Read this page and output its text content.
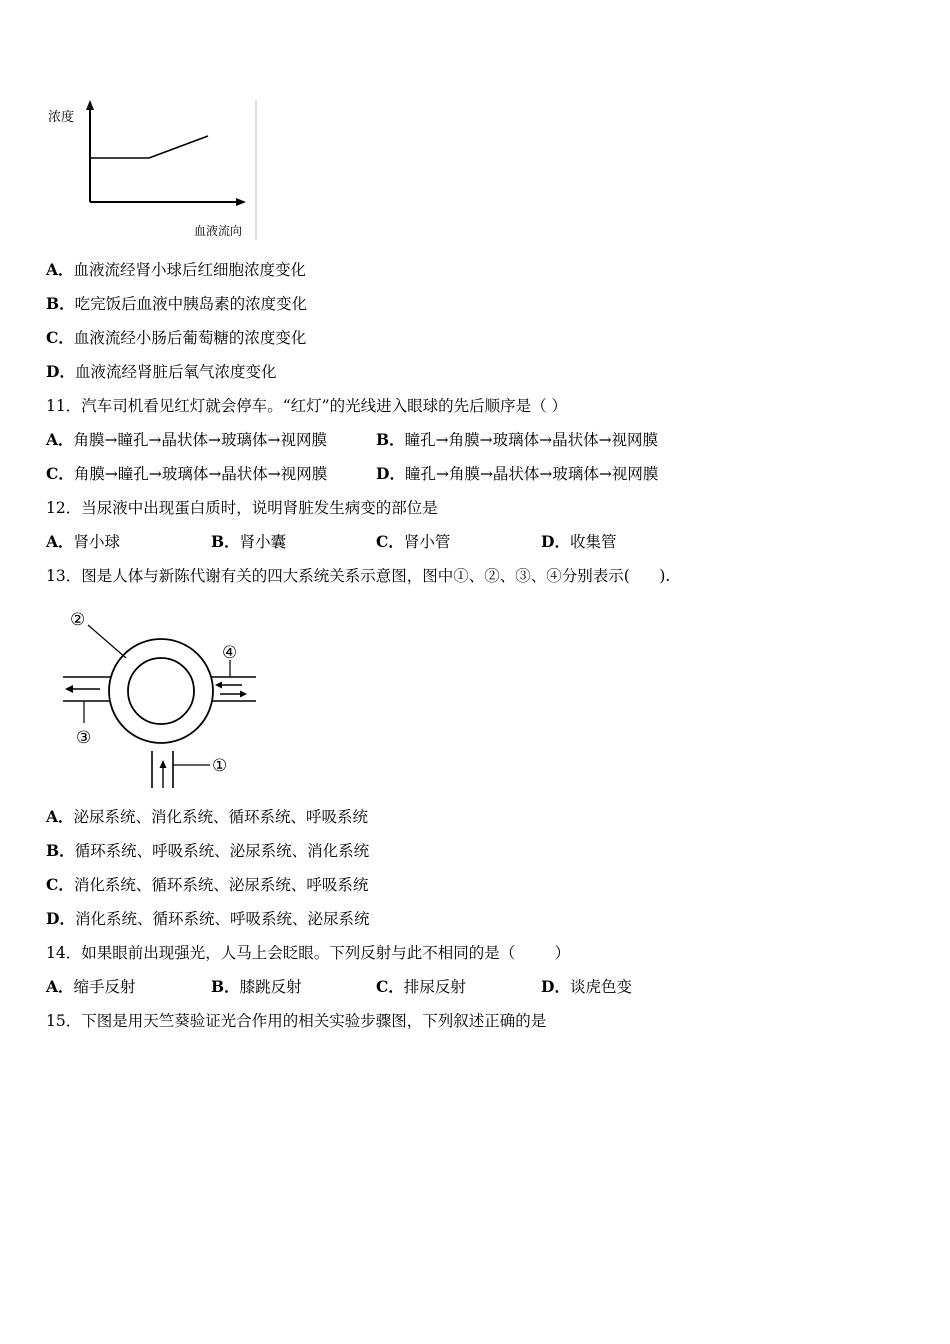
浓度
血液流向
A．血液流经肾小球后红细胞浓度变化
B．吃完饭后血液中胰岛素的浓度变化
C．血液流经小肠后葡萄糖的浓度变化
D．血液流经肾脏后氧气浓度变化
11．汽车司机看见红灯就会停车。“红灯”的光线进入眼球的先后顺序是（ ）
A．角膜→瞳孔→晶状体→玻璃体→视网膜	B．瞳孔→角膜→玻璃体→晶状体→视网膜
C．角膜→瞳孔→玻璃体→晶状体→视网膜	D．瞳孔→角膜→晶状体→玻璃体→视网膜
12．当尿液中出现蛋白质时，说明肾脏发生病变的部位是
A．肾小球	B．肾小囊	C．肾小管	D．收集管
13．图是人体与新陈代谢有关的四大系统关系示意图，图中①、②、③、④分别表示(      ).
②
④
③
①
A．泌尿系统、消化系统、循环系统、呼吸系统
B．循环系统、呼吸系统、泌尿系统、消化系统
C．消化系统、循环系统、泌尿系统、呼吸系统
D．消化系统、循环系统、呼吸系统、泌尿系统
14．如果眼前出现强光，人马上会眨眼。下列反射与此不相同的是（        ）
A．缩手反射	B．膝跳反射	C．排尿反射	D．谈虎色变
15．下图是用天竺葵验证光合作用的相关实验步骤图，下列叙述正确的是
